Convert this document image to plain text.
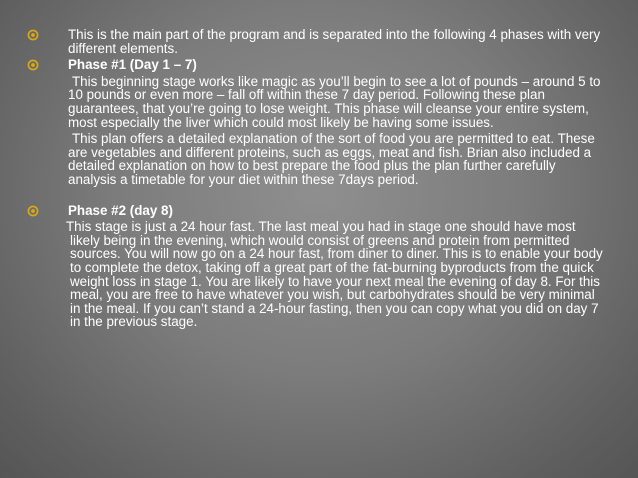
This is the main part of the program and is separated into the following 4 phases with very different elements.
Phase #1 (Day 1 – 7)
This beginning stage works like magic as you’ll begin to see a lot of pounds – around 5 to 10 pounds or even more – fall off within these 7 day period. Following these plan guarantees, that you’re going to lose weight. This phase will cleanse your entire system, most especially the liver which could most likely be having some issues.
This plan offers a detailed explanation of the sort of food you are permitted to eat. These are vegetables and different proteins, such as eggs, meat and fish. Brian also included a detailed explanation on how to best prepare the food plus the plan further carefully analysis a timetable for your diet within these 7days period.
Phase #2 (day 8)
This stage is just a 24 hour fast. The last meal you had in stage one should have most likely being in the evening, which would consist of greens and protein from permitted sources. You will now go on a 24 hour fast, from diner to diner. This is to enable your body to complete the detox, taking off a great part of the fat-burning byproducts from the quick weight loss in stage 1. You are likely to have your next meal the evening of day 8. For this meal, you are free to have whatever you wish, but carbohydrates should be very minimal in the meal. If you can’t stand a 24-hour fasting, then you can copy what you did on day 7 in the previous stage.
